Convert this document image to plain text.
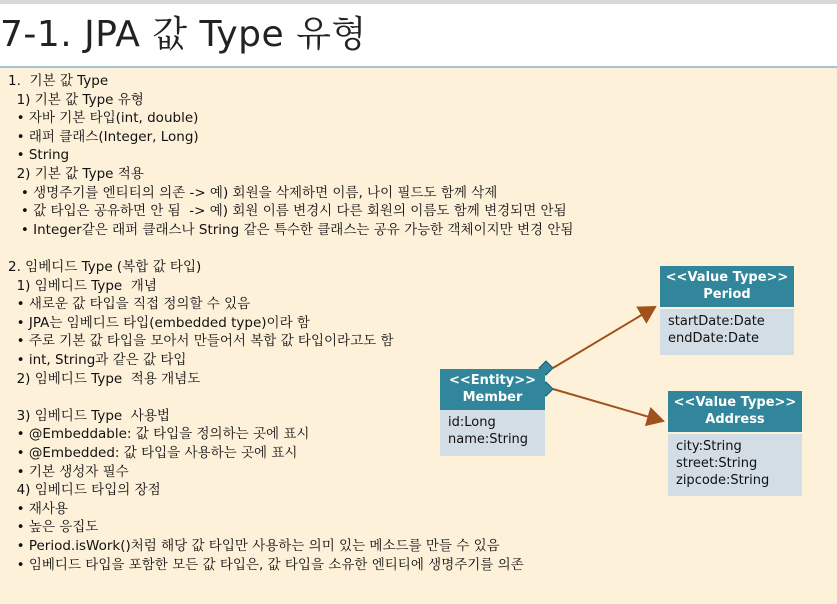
7-1. JPA 값 Type 유형
1.  기본 값 Type
1) 기본 값 Type 유형
• 자바 기본 타입(int, double)
• 래퍼 클래스(Integer, Long)
• String
2) 기본 값 Type 적용
• 생명주기를 엔티티의 의존 -> 예) 회원을 삭제하면 이름, 나이 필드도 함께 삭제
• 값 타입은 공유하면 안 됨  -> 예) 회원 이름 변경시 다른 회원의 이름도 함께 변경되면 안됨
• Integer같은 래퍼 클래스나 String 같은 특수한 클래스는 공유 가능한 객체이지만 변경 안됨
2. 임베디드 Type (복합 값 타입)
1) 임베디드 Type  개념
• 새로운 값 타입을 직접 정의할 수 있음
• JPA는 임베디드 타입(embedded type)이라 함
• 주로 기본 값 타입을 모아서 만들어서 복합 값 타입이라고도 함
• int, String과 같은 값 타입
2) 임베디드 Type  적용 개념도
3) 임베디드 Type  사용법
• @Embeddable: 값 타입을 정의하는 곳에 표시
• @Embedded: 값 타입을 사용하는 곳에 표시
• 기본 생성자 필수
4) 임베디드 타입의 장점
• 재사용
• 높은 응집도
• Period.isWork()처럼 해당 값 타입만 사용하는 의미 있는 메소드를 만들 수 있음
• 임베디드 타입을 포함한 모든 값 타입은, 값 타입을 소유한 엔티티에 생명주기를 의존
<<Entity>>
Member
id:Long
name:String
<<Value Type>>
Period
startDate:Date
endDate:Date
<<Value Type>>
Address
city:String
street:String
zipcode:String
